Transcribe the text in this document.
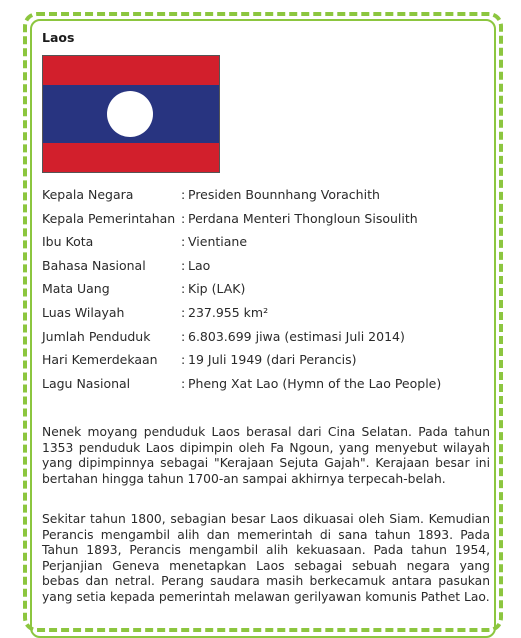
Laos
Kepala Negara	: Presiden Bounnhang Vorachith
Kepala Pemerintahan : Perdana Menteri Thongloun Sisoulith
Ibu Kota	: Vientiane
Bahasa Nasional	: Lao
Mata Uang	: Kip (LAK)
Luas Wilayah	: 237.955 km²
Jumlah Penduduk	: 6.803.699 jiwa (estimasi Juli 2014)
Hari Kemerdekaan	: 19 Juli 1949 (dari Perancis)
Lagu Nasional	: Pheng Xat Lao (Hymn of the Lao People)

Nenek moyang penduduk Laos berasal dari Cina Selatan. Pada tahun 1353 penduduk Laos dipimpin oleh Fa Ngoun, yang menyebut wilayah yang dipimpinnya sebagai "Kerajaan Sejuta Gajah". Kerajaan besar ini bertahan hingga tahun 1700-an sampai akhirnya terpecah-belah.

Sekitar tahun 1800, sebagian besar Laos dikuasai oleh Siam. Kemudian Perancis mengambil alih dan memerintah di sana tahun 1893. Pada Tahun 1893, Perancis mengambil alih kekuasaan. Pada tahun 1954, Perjanjian Geneva menetapkan Laos sebagai sebuah negara yang bebas dan netral. Perang saudara masih berkecamuk antara pasukan yang setia kepada pemerintah melawan gerilyawan komunis Pathet Lao.
